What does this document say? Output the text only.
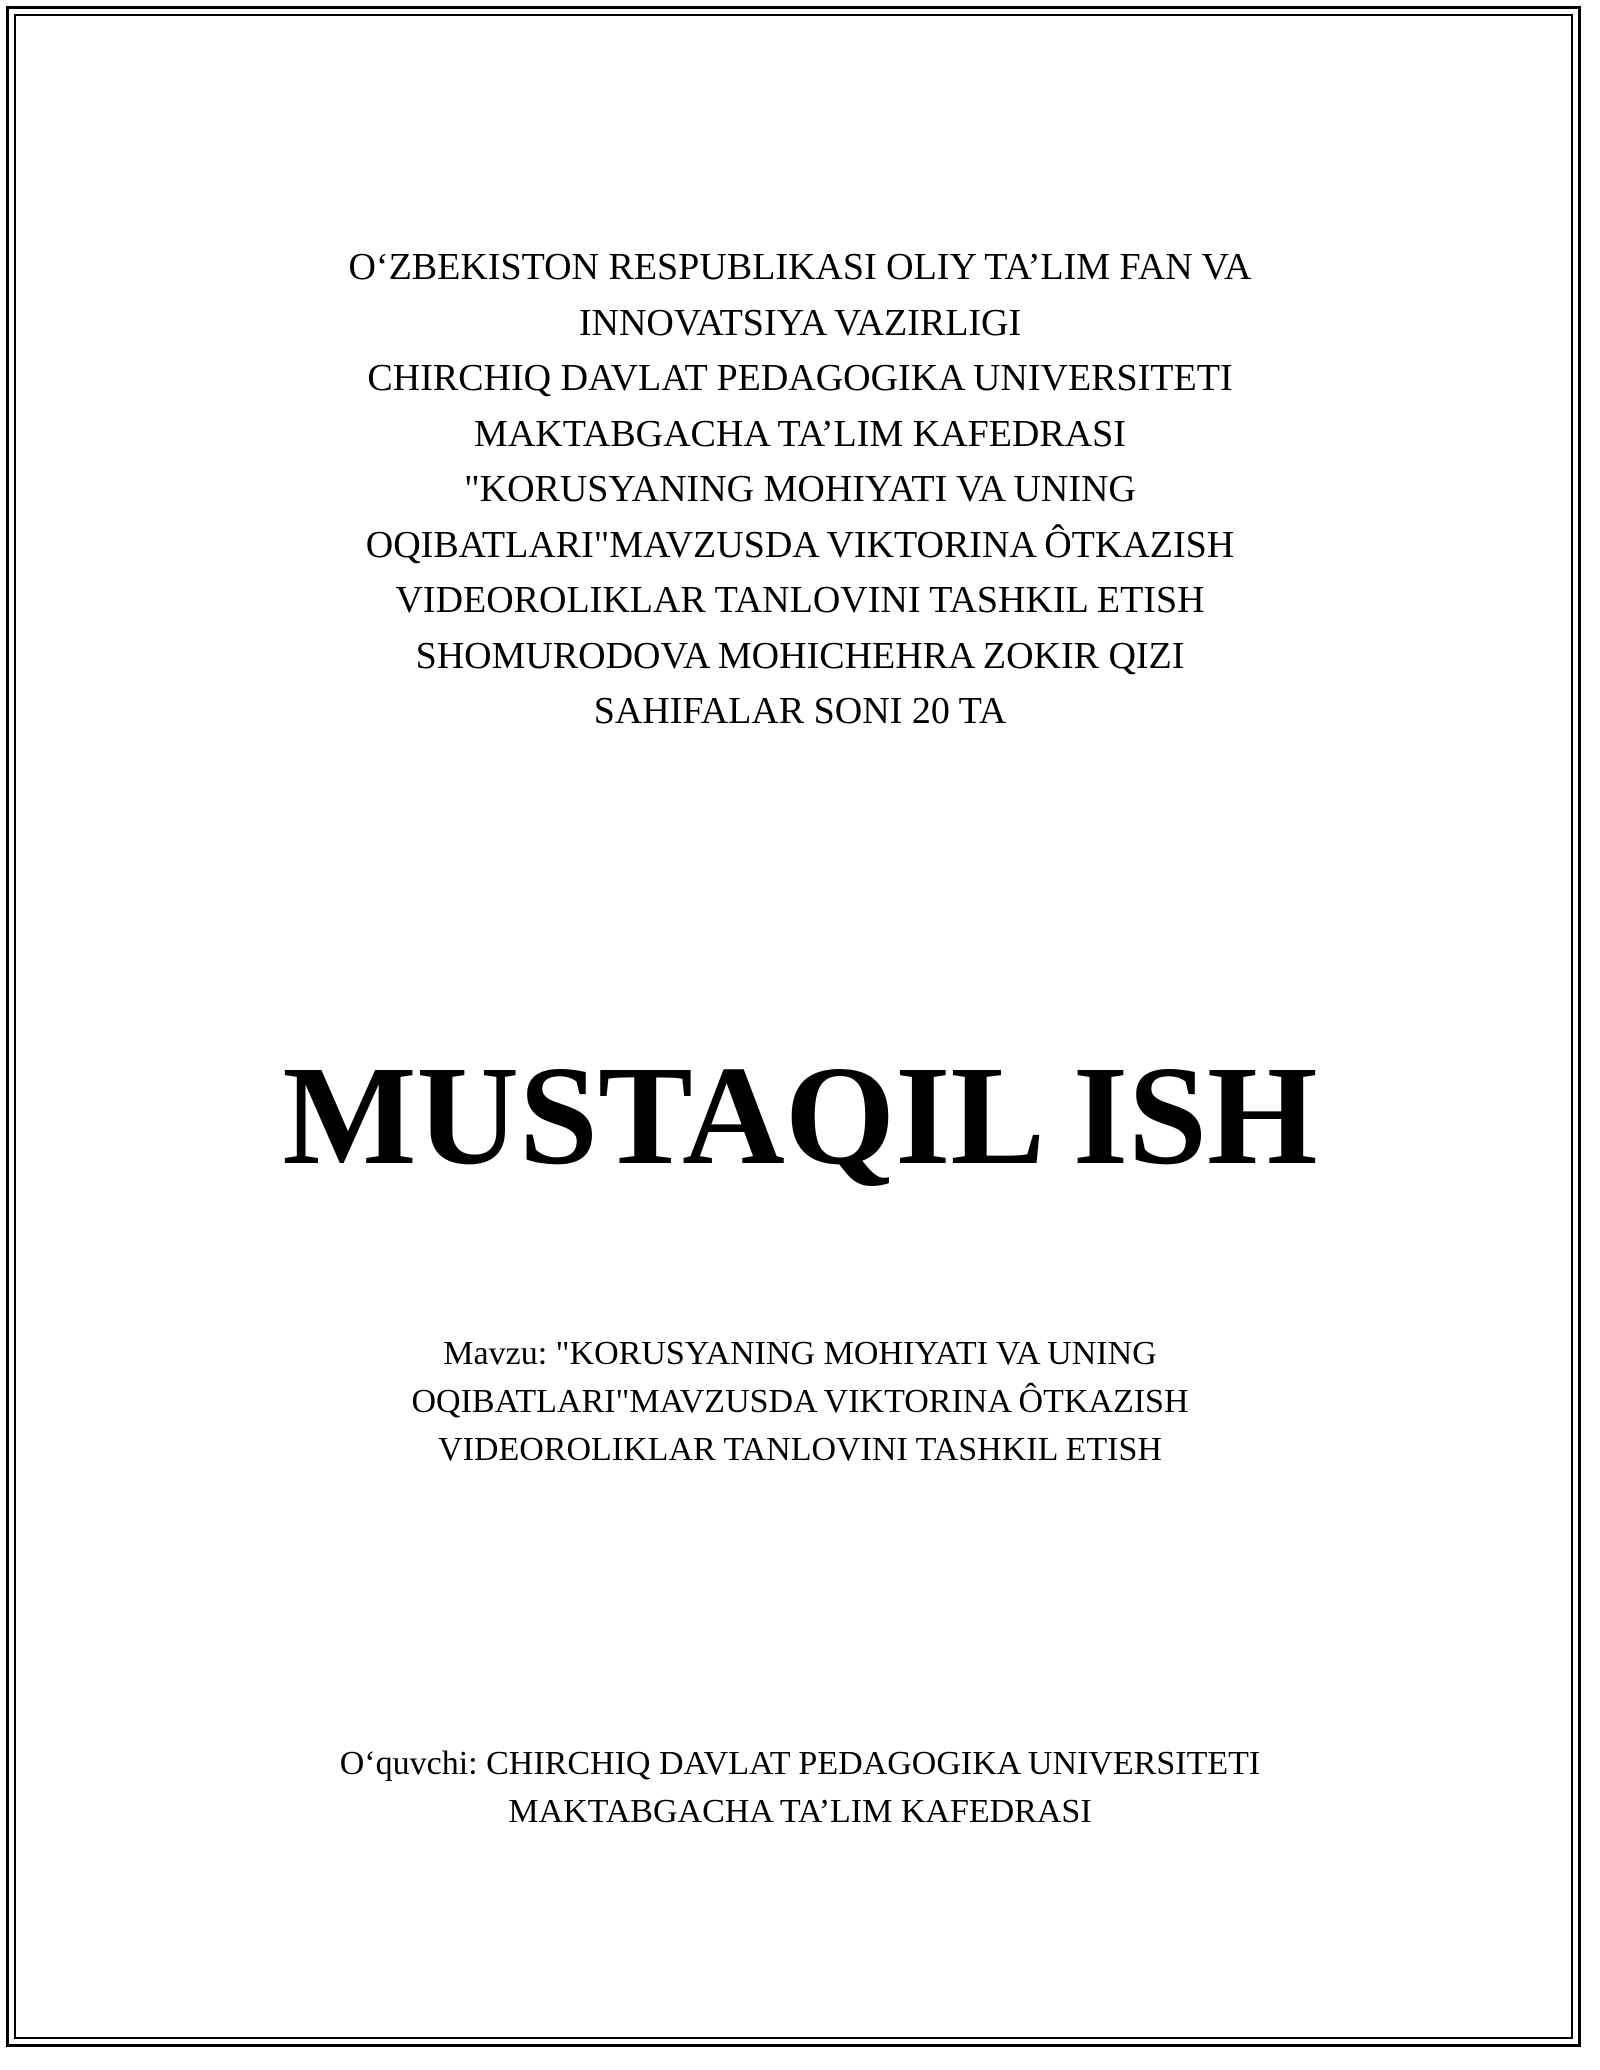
O‘ZBEKISTON RESPUBLIKASI OLIY TA’LIM FAN VA
INNOVATSIYA VAZIRLIGI
CHIRCHIQ DAVLAT PEDAGOGIKA UNIVERSITETI
MAKTABGACHA TA’LIM KAFEDRASI
"KORUSYANING MOHIYATI VA UNING
OQIBATLARI"MAVZUSDA VIKTORINA ÔTKAZISH
VIDEOROLIKLAR TANLOVINI TASHKIL ETISH
SHOMURODOVA MOHICHEHRA ZOKIR QIZI
SAHIFALAR SONI 20 TA
MUSTAQIL ISH
Mavzu: "KORUSYANING MOHIYATI VA UNING
OQIBATLARI"MAVZUSDA VIKTORINA ÔTKAZISH
VIDEOROLIKLAR TANLOVINI TASHKIL ETISH
O‘quvchi: CHIRCHIQ DAVLAT PEDAGOGIKA UNIVERSITETI
MAKTABGACHA TA’LIM KAFEDRASI
